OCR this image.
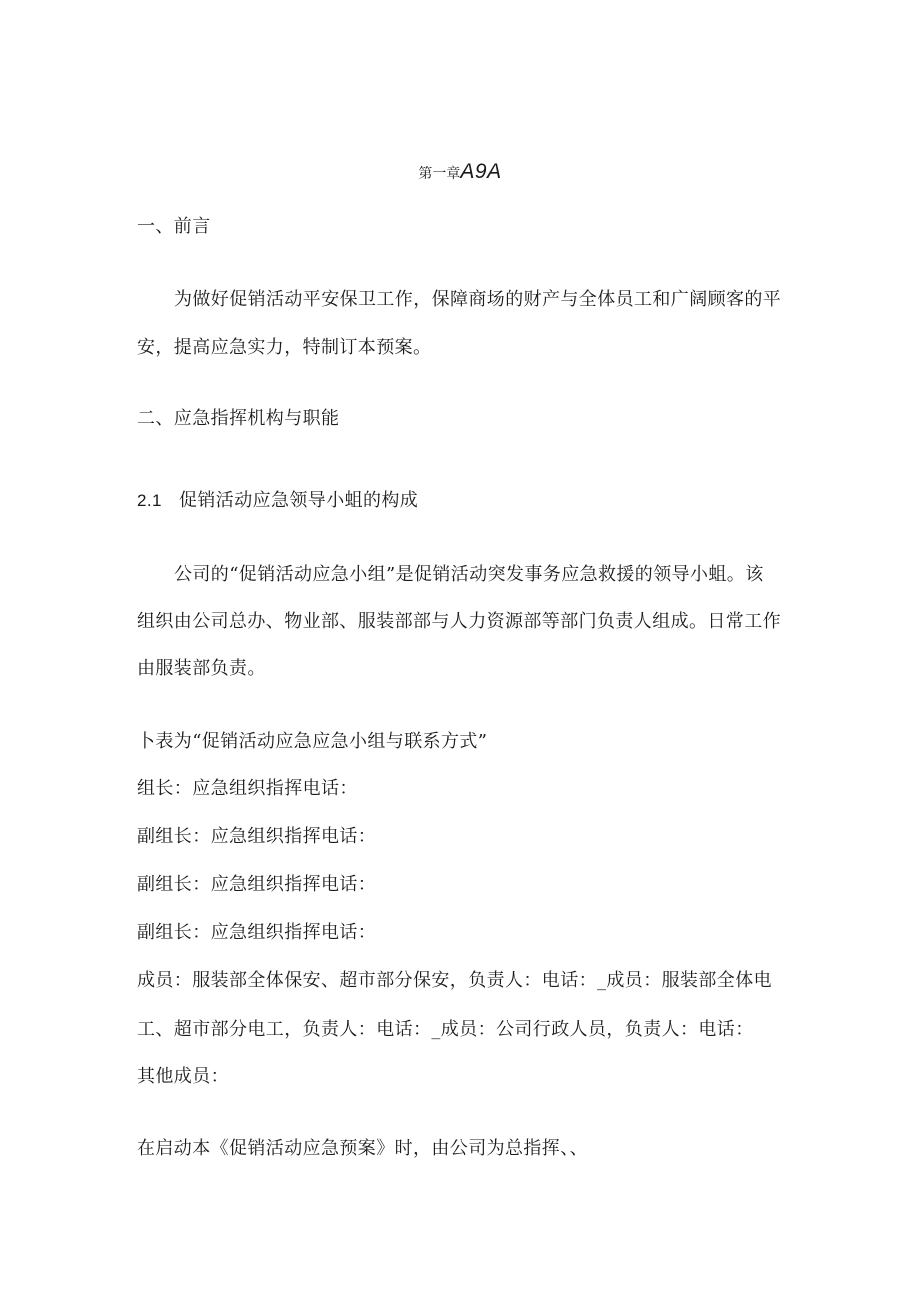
第一章A9A
一、前言
为做好促销活动平安保卫工作，保障商场的财产与全体员工和广阔顾客的平
安，提高应急实力，特制订本预案。
二、应急指挥机构与职能
2.1 促销活动应急领导小蛆的构成
公司的“促销活动应急小组”是促销活动突发事务应急救援的领导小蛆。该
组织由公司总办、物业部、服装部部与人力资源部等部门负责人组成。日常工作
由服装部负责。
卜表为“促销活动应急应急小组与联系方式”
组长：应急组织指挥电话：
副组长：应急组织指挥电话：
副组长：应急组织指挥电话：
副组长：应急组织指挥电话：
成员：服装部全体保安、超市部分保安，负责人：电话：_成员：服装部全体电
工、超市部分电工，负责人：电话：_成员：公司行政人员，负责人：电话：
其他成员：
在启动本《促销活动应急预案》时，由公司为总指挥、、
